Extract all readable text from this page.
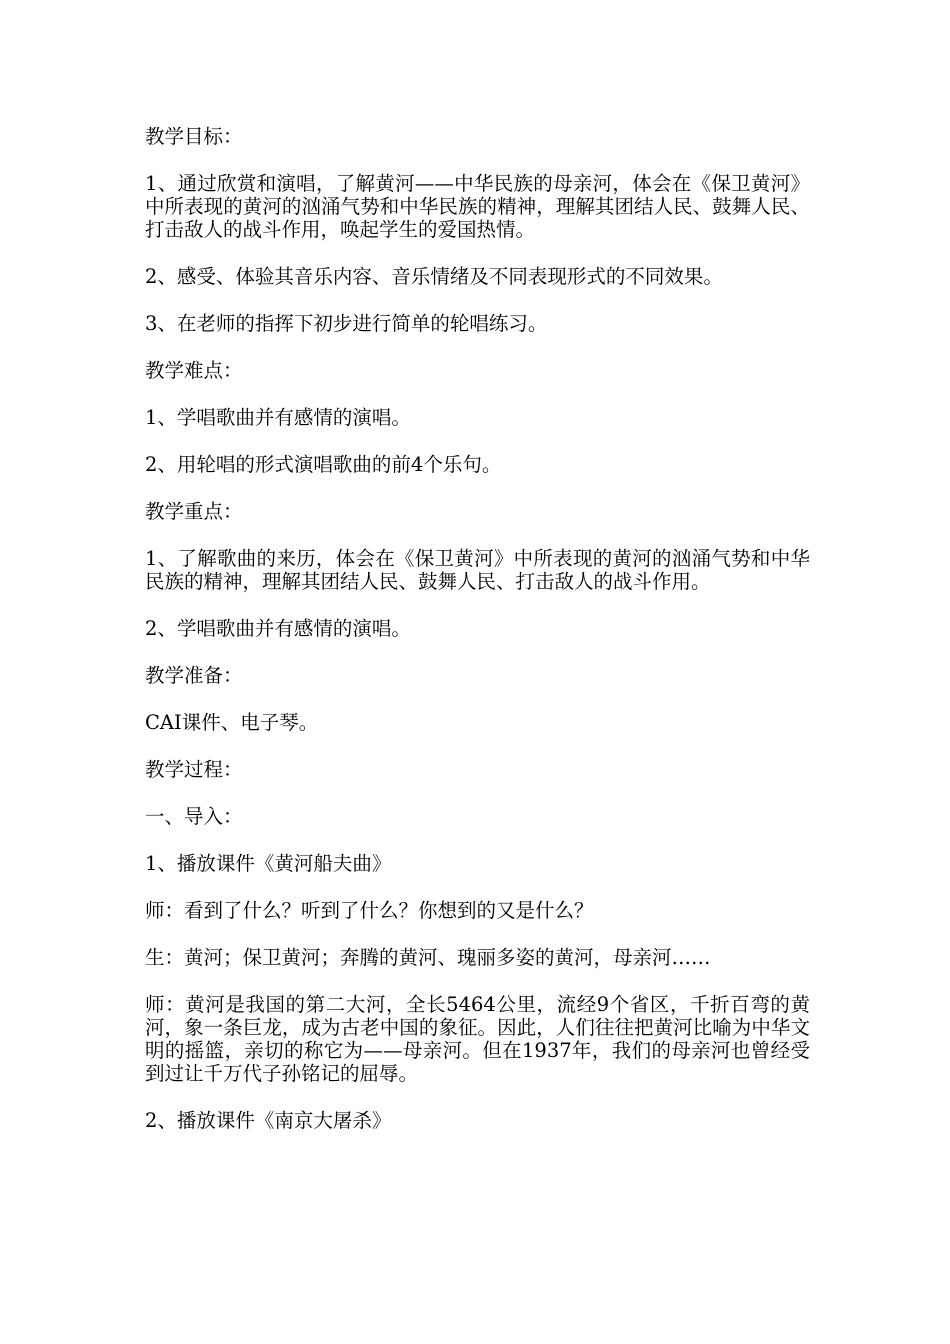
教学目标：

1、通过欣赏和演唱，了解黄河——中华民族的母亲河，体会在《保卫黄河》中所表现的黄河的汹涌气势和中华民族的精神，理解其团结人民、鼓舞人民、打击敌人的战斗作用，唤起学生的爱国热情。

2、感受、体验其音乐内容、音乐情绪及不同表现形式的不同效果。

3、在老师的指挥下初步进行简单的轮唱练习。

教学难点：

1、学唱歌曲并有感情的演唱。

2、用轮唱的形式演唱歌曲的前4个乐句。

教学重点：

1、了解歌曲的来历，体会在《保卫黄河》中所表现的黄河的汹涌气势和中华民族的精神，理解其团结人民、鼓舞人民、打击敌人的战斗作用。

2、学唱歌曲并有感情的演唱。

教学准备：

CAI课件、电子琴。

教学过程：

一、导入：

1、播放课件《黄河船夫曲》

师：看到了什么？听到了什么？你想到的又是什么？

生：黄河；保卫黄河；奔腾的黄河、瑰丽多姿的黄河，母亲河……

师：黄河是我国的第二大河，全长5464公里，流经9个省区，千折百弯的黄河，象一条巨龙，成为古老中国的象征。因此，人们往往把黄河比喻为中华文明的摇篮，亲切的称它为——母亲河。但在1937年，我们的母亲河也曾经受到过让千万代子孙铭记的屈辱。

2、播放课件《南京大屠杀》
